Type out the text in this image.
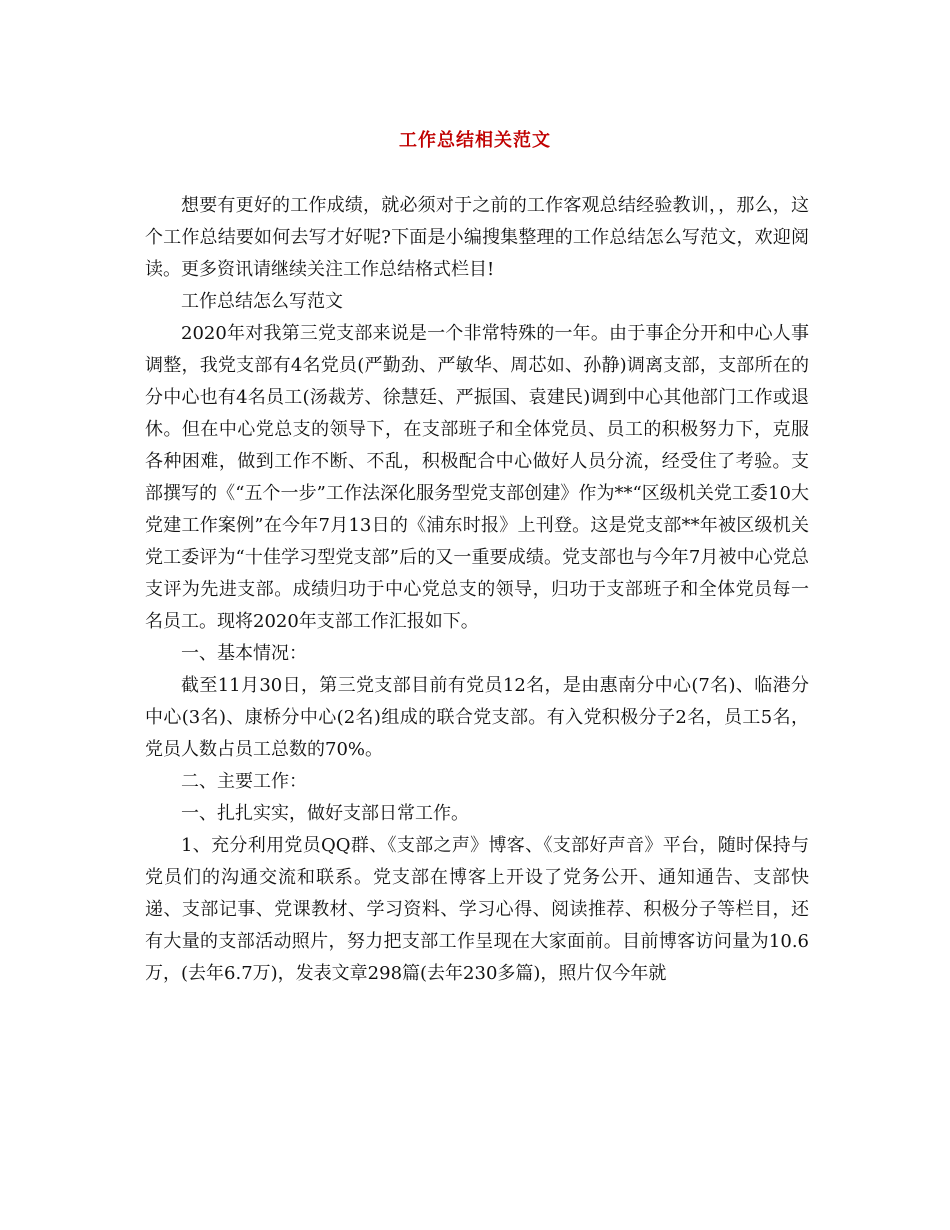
工作总结相关范文

想要有更好的工作成绩，就必须对于之前的工作客观总结经验教训，，那么，这个工作总结要如何去写才好呢?下面是小编搜集整理的工作总结怎么写范文，欢迎阅读。更多资讯请继续关注工作总结格式栏目!

工作总结怎么写范文

2020年对我第三党支部来说是一个非常特殊的一年。由于事企分开和中心人事调整，我党支部有4名党员(严勤劲、严敏华、周芯如、孙静)调离支部，支部所在的分中心也有4名员工(汤裁芳、徐慧廷、严振国、袁建民)调到中心其他部门工作或退休。但在中心党总支的领导下，在支部班子和全体党员、员工的积极努力下，克服各种困难，做到工作不断、不乱，积极配合中心做好人员分流，经受住了考验。支部撰写的《“五个一步”工作法深化服务型党支部创建》作为**“区级机关党工委10大党建工作案例”在今年7月13日的《浦东时报》上刊登。这是党支部**年被区级机关党工委评为“十佳学习型党支部”后的又一重要成绩。党支部也与今年7月被中心党总支评为先进支部。成绩归功于中心党总支的领导，归功于支部班子和全体党员每一名员工。现将2020年支部工作汇报如下。

一、基本情况：

截至11月30日，第三党支部目前有党员12名，是由惠南分中心(7名)、临港分中心(3名)、康桥分中心(2名)组成的联合党支部。有入党积极分子2名，员工5名，党员人数占员工总数的70%。

二、主要工作：

一、扎扎实实，做好支部日常工作。

1、充分利用党员QQ群、《支部之声》博客、《支部好声音》平台，随时保持与党员们的沟通交流和联系。党支部在博客上开设了党务公开、通知通告、支部快递、支部记事、党课教材、学习资料、学习心得、阅读推荐、积极分子等栏目，还有大量的支部活动照片，努力把支部工作呈现在大家面前。目前博客访问量为10.6万，(去年6.7万)，发表文章298篇(去年230多篇)，照片仅今年就
